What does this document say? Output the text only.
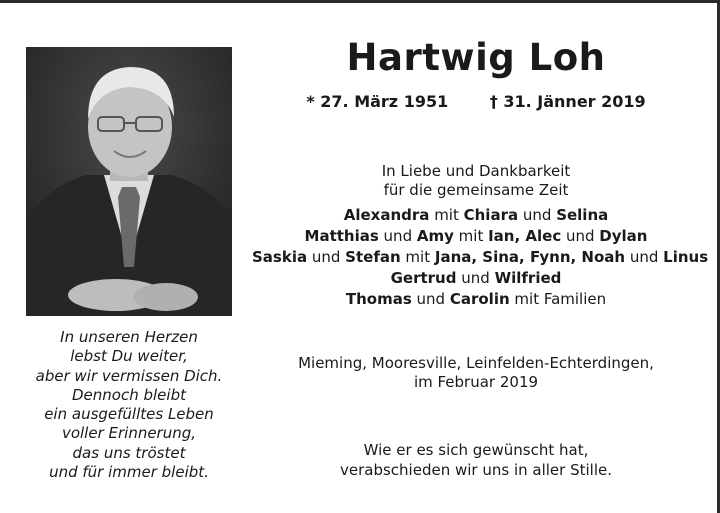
In unseren Herzen
lebst Du weiter,
aber wir vermissen Dich.
Dennoch bleibt
ein ausgefülltes Leben
voller Erinnerung,
das uns tröstet
und für immer bleibt.
Hartwig Loh
* 27. März 1951	† 31. Jänner 2019
In Liebe und Dankbarkeit
für die gemeinsame Zeit
Alexandra mit Chiara und Selina
Matthias und Amy mit Ian, Alec und Dylan
Saskia und Stefan mit Jana, Sina, Fynn, Noah und Linus
Gertrud und Wilfried
Thomas und Carolin mit Familien
Mieming, Mooresville, Leinfelden-Echterdingen,
im Februar 2019
Wie er es sich gewünscht hat,
verabschieden wir uns in aller Stille.
